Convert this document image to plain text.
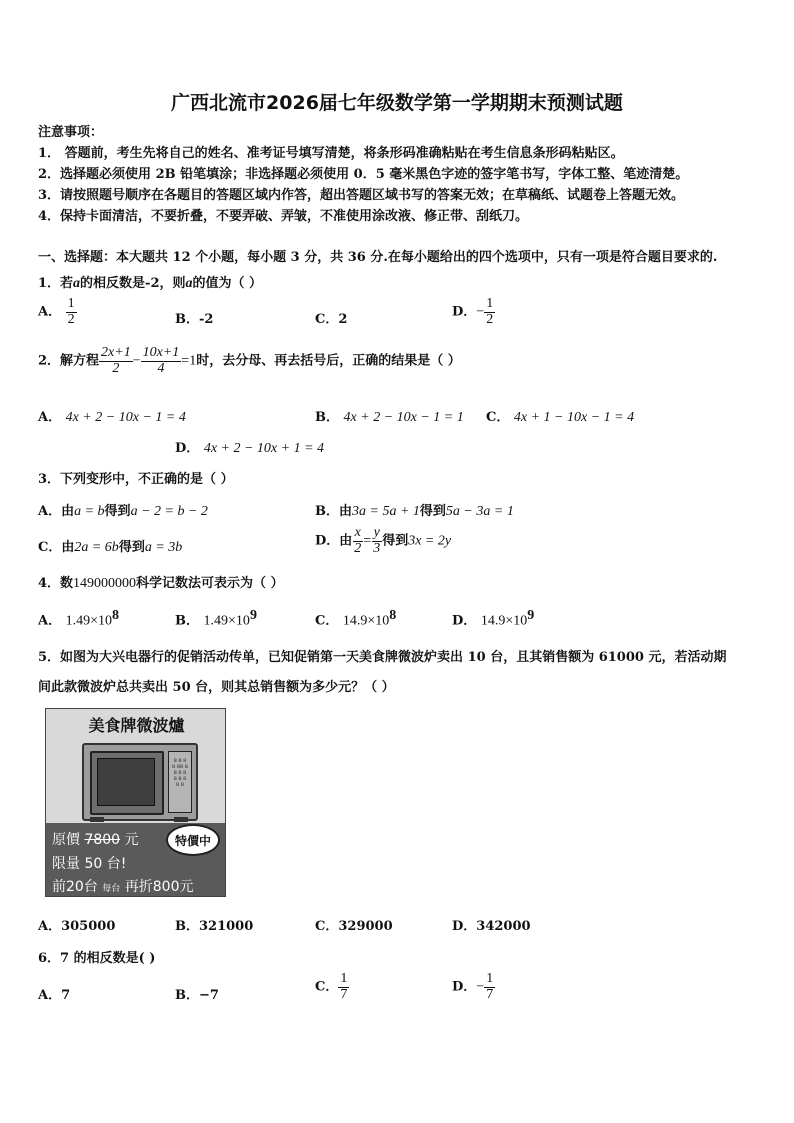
广西北流市2026届七年级数学第一学期期末预测试题
注意事项：
1． 答题前，考生先将自己的姓名、准考证号填写清楚，将条形码准确粘贴在考生信息条形码粘贴区。
2．选择题必须使用 2B 铅笔填涂；非选择题必须使用 0．5 毫米黑色字迹的签字笔书写，字体工整、笔迹清楚。
3．请按照题号顺序在各题目的答题区域内作答，超出答题区域书写的答案无效；在草稿纸、试题卷上答题无效。
4．保持卡面清洁，不要折叠，不要弄破、弄皱，不准使用涂改液、修正带、刮纸刀。
一、选择题：本大题共 12 个小题，每小题 3 分，共 36 分.在每小题给出的四个选项中，只有一项是符合题目要求的.
1．若a的相反数是-2，则a的值为（ ）
A． $\frac{1}{2}$	B．-2	C．2	D．− $\frac{1}{2}$
2．解方程 $\frac{2x+1}{2} - \frac{10x+1}{4} =1$时，去分母、再去括号后，正确的结果是（ ）
A． 4x + 2 − 10x − 1 = 4	B． 4x + 2 − 10x − 1 = 1 C． 4x + 1 − 10x − 1 = 4
D． 4x + 2 − 10x + 1 = 4
3．下列变形中，不正确的是（ ）
A．由a = b得到a − 2 = b − 2	B．由3a = 5a + 1得到5a − 3a = 1
C．由2a = 6b得到a = 3b	D．由 $\frac{x}{2} = \frac{y}{3}$ 得到3x = 2y
4．数149000000科学记数法可表示为（ ）
A． $1.49\times 10^8$	B． $1.49\times 10^9$	C． $14.9\times 10^8$	D． $14.9\times 10^9$
5．如图为大兴电器行的促销活动传单，已知促销第一天美食牌微波炉卖出 10 台，且其销售额为 61000 元，若活动期
间此款微波炉总共卖出 50 台，则其总销售额为多少元？（ ）
美食牌微波爐
8 8 8 8 88 8 8 8 8 8 8 8 8 8
原價 7800 元
限量 50 台!
前20台 每台 再折800元
特價中
A．305000	B．321000	C．329000	D．342000
6．7 的相反数是( )
A．7	B．−7
C． $\frac{1}{7}$	D．− $\frac{1}{7}$
